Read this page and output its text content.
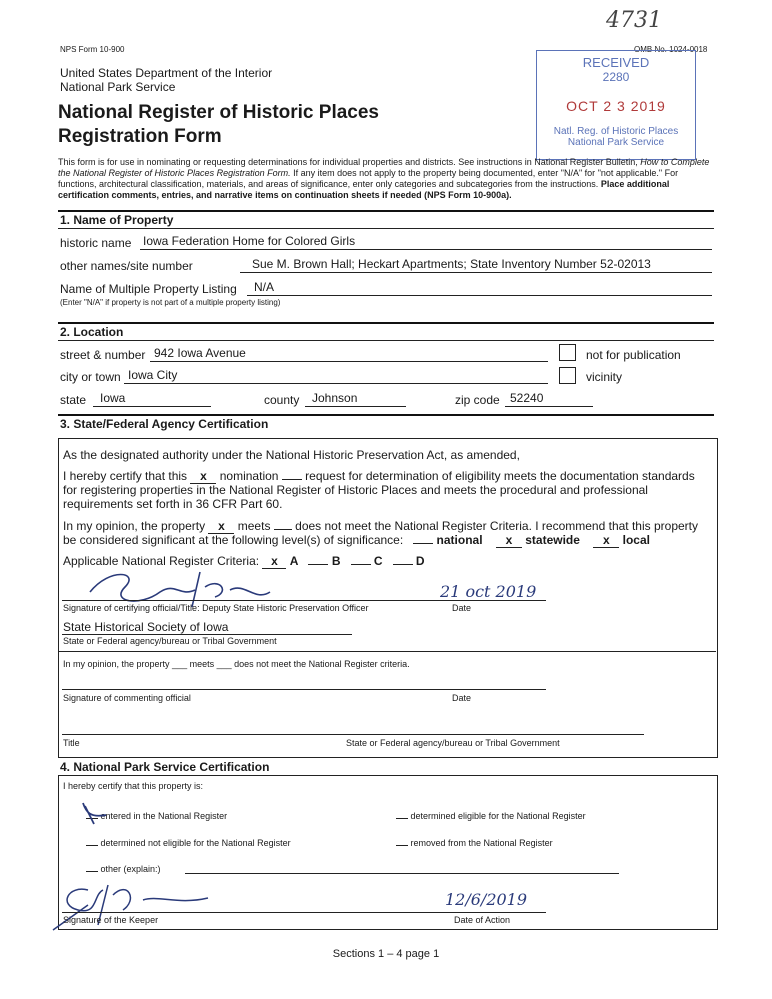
NPS Form 10-900	OMB No. 1024-0018
4731
United States Department of the Interior
National Park Service
National Register of Historic Places
Registration Form
RECEIVED
2280
OCT 2 3 2019
Natl. Reg. of Historic Places
National Park Service
This form is for use in nominating or requesting determinations for individual properties and districts. See instructions in National Register Bulletin, How to Complete the National Register of Historic Places Registration Form. If any item does not apply to the property being documented, enter "N/A" for "not applicable." For functions, architectural classification, materials, and areas of significance, enter only categories and subcategories from the instructions. Place additional certification comments, entries, and narrative items on continuation sheets if needed (NPS Form 10-900a).
1. Name of Property
historic name Iowa Federation Home for Colored Girls
other names/site number	Sue M. Brown Hall; Heckart Apartments; State Inventory Number 52-02013
Name of Multiple Property Listing N/A
(Enter "N/A" if property is not part of a multiple property listing)
2. Location
street & number 942 Iowa Avenue	not for publication
city or town Iowa City	vicinity
state Iowa	county Johnson	zip code 52240
3. State/Federal Agency Certification
As the designated authority under the National Historic Preservation Act, as amended,
I hereby certify that this x nomination request for determination of eligibility meets the documentation standards
for registering properties in the National Register of Historic Places and meets the procedural and professional
requirements set forth in 36 CFR Part 60.
In my opinion, the property x meets does not meet the National Register Criteria. I recommend that this property
be considered significant at the following level(s) of significance:	national x statewide x local
Applicable National Register Criteria: x A	B	C	D
21 oct 2019
Signature of certifying official/Title: Deputy State Historic Preservation Officer	Date
State Historical Society of Iowa
State or Federal agency/bureau or Tribal Government
In my opinion, the property ___ meets ___ does not meet the National Register criteria.
Signature of commenting official	Date
Title	State or Federal agency/bureau or Tribal Government
4. National Park Service Certification
I hereby certify that this property is:
entered in the National Register	determined eligible for the National Register
determined not eligible for the National Register	removed from the National Register
other (explain:)
12/6/2019
Signature of the Keeper	Date of Action
Sections 1 – 4 page 1
